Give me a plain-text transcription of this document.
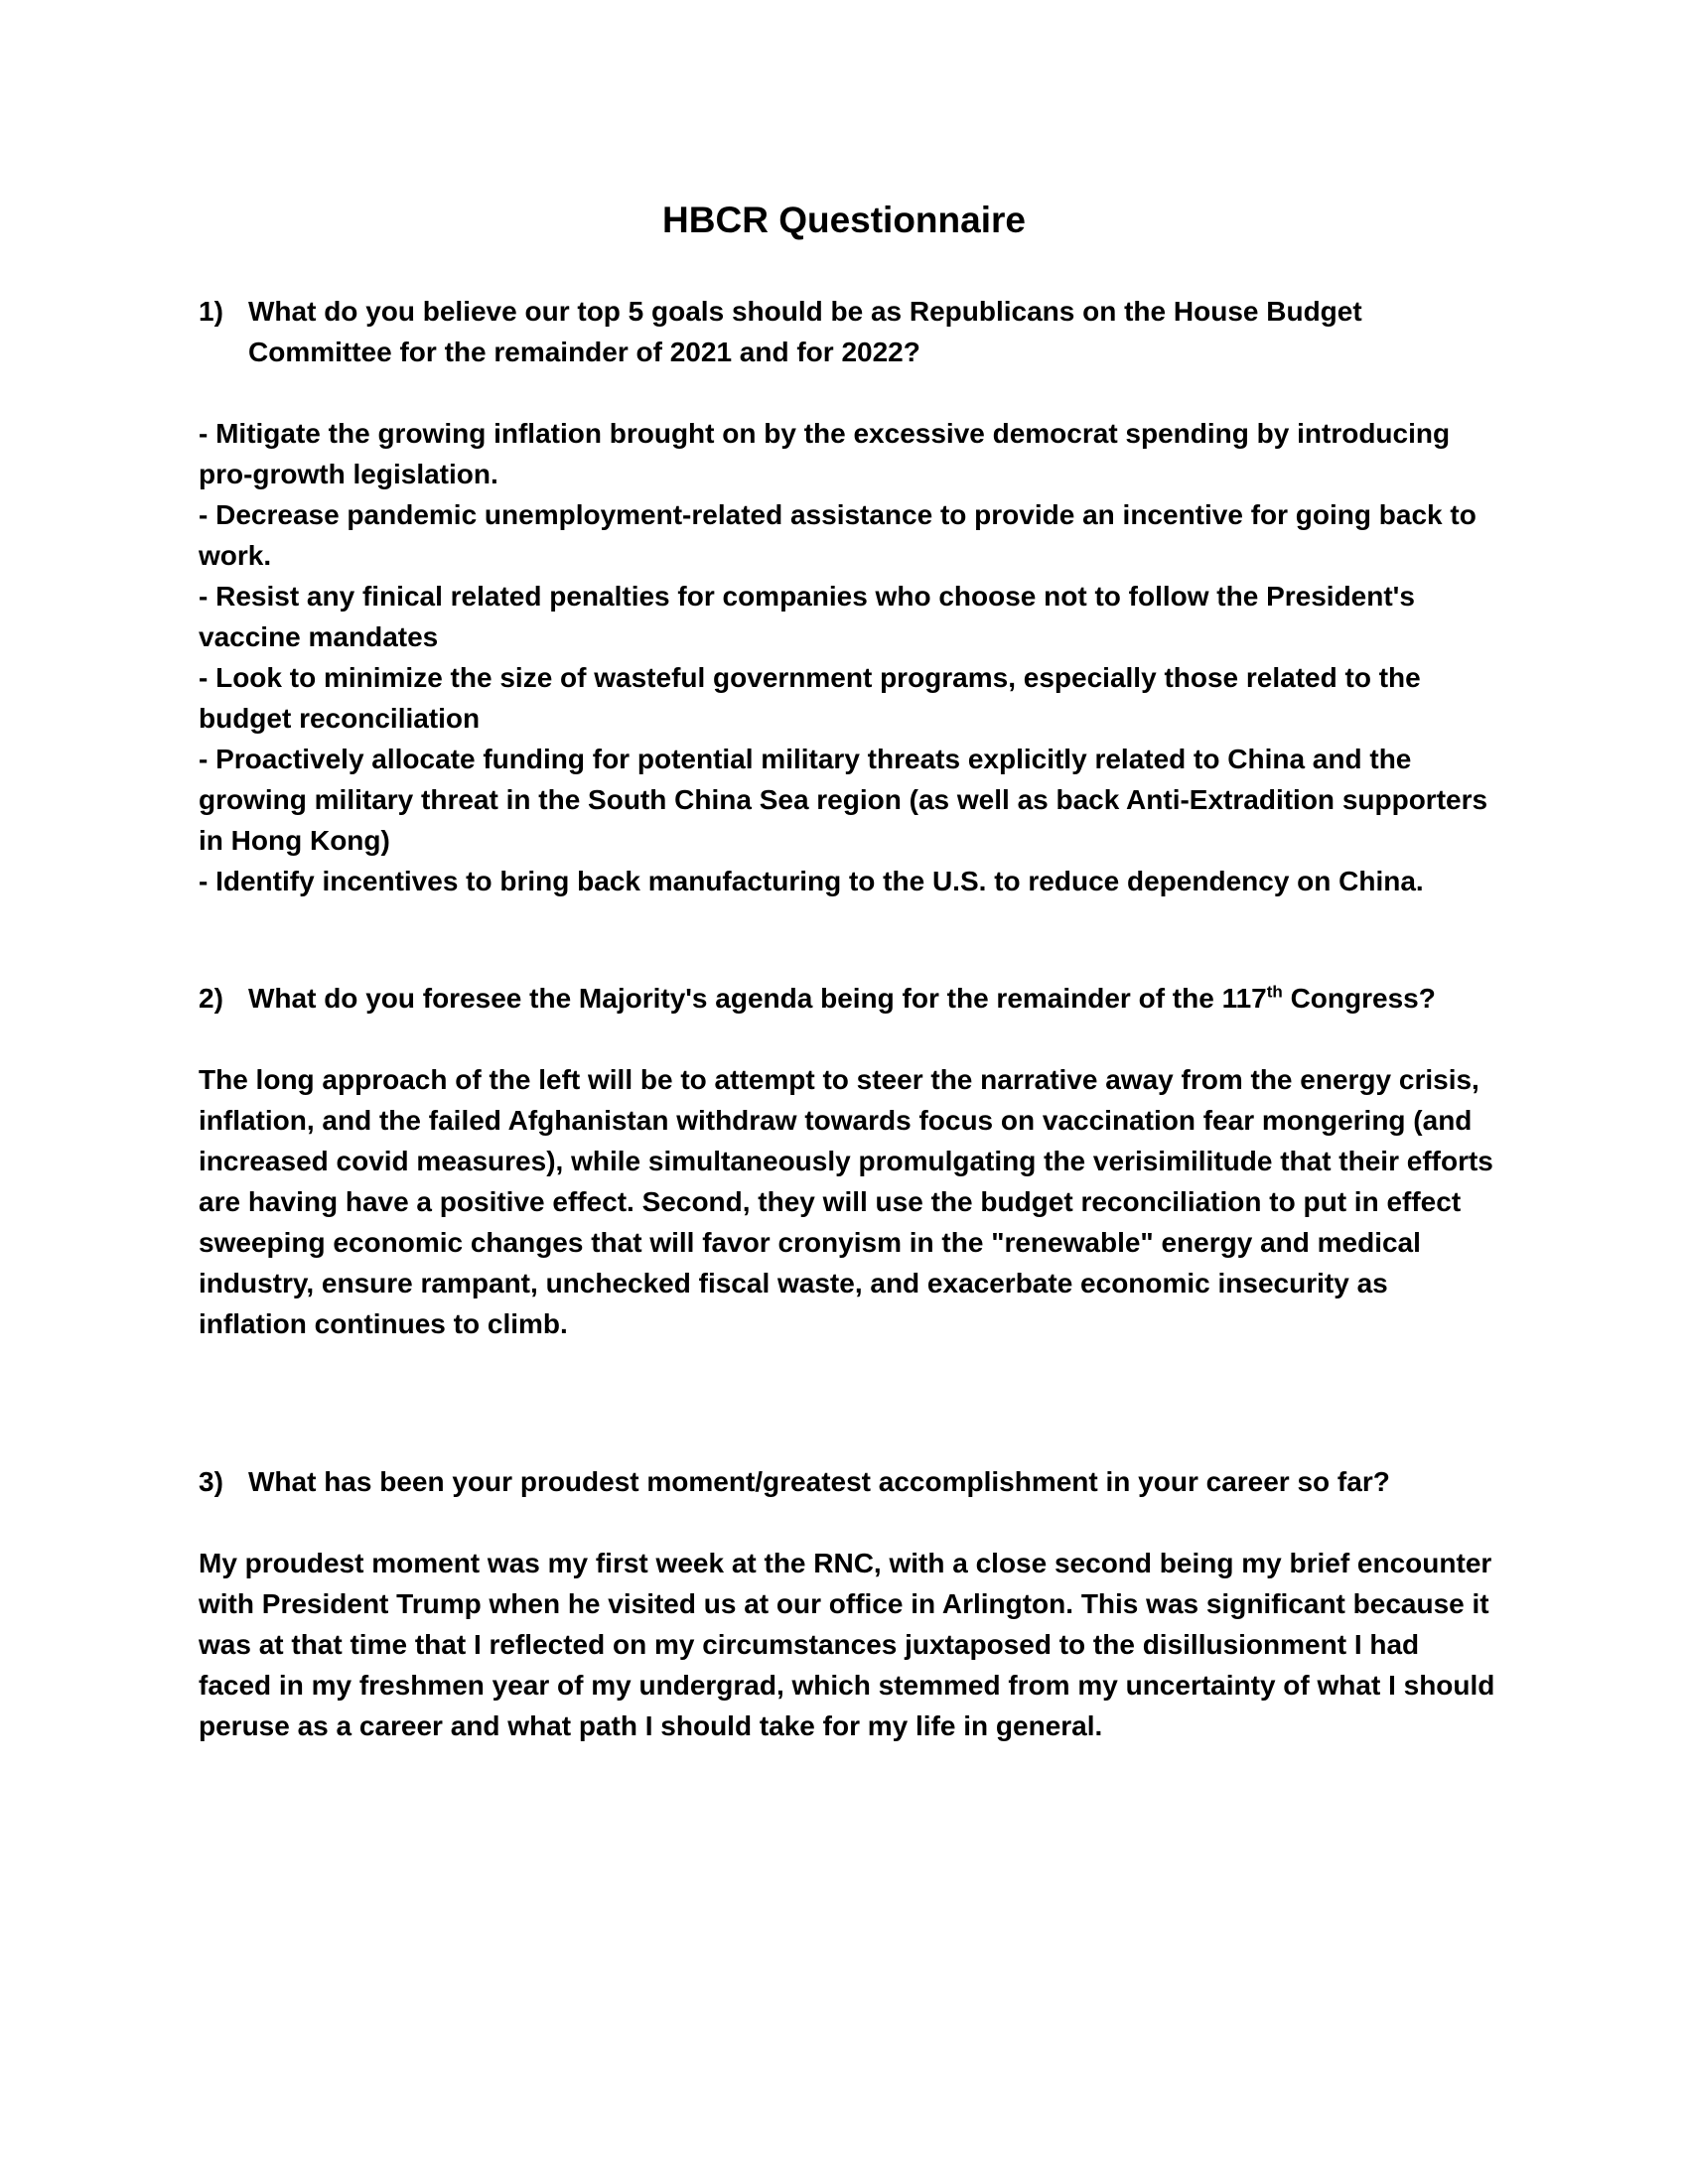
HBCR Questionnaire

1) What do you believe our top 5 goals should be as Republicans on the House Budget Committee for the remainder of 2021 and for 2022?

- Mitigate the growing inflation brought on by the excessive democrat spending by introducing pro-growth legislation.
- Decrease pandemic unemployment-related assistance to provide an incentive for going back to work.
- Resist any finical related penalties for companies who choose not to follow the President's vaccine mandates
- Look to minimize the size of wasteful government programs, especially those related to the budget reconciliation
- Proactively allocate funding for potential military threats explicitly related to China and the growing military threat in the South China Sea region (as well as back Anti-Extradition supporters in Hong Kong)
- Identify incentives to bring back manufacturing to the U.S. to reduce dependency on China.

2) What do you foresee the Majority's agenda being for the remainder of the 117th Congress?

The long approach of the left will be to attempt to steer the narrative away from the energy crisis, inflation, and the failed Afghanistan withdraw towards focus on vaccination fear mongering (and increased covid measures), while simultaneously promulgating the verisimilitude that their efforts are having have a positive effect. Second, they will use the budget reconciliation to put in effect sweeping economic changes that will favor cronyism in the "renewable" energy and medical industry, ensure rampant, unchecked fiscal waste, and exacerbate economic insecurity as inflation continues to climb.

3) What has been your proudest moment/greatest accomplishment in your career so far?

My proudest moment was my first week at the RNC, with a close second being my brief encounter with President Trump when he visited us at our office in Arlington. This was significant because it was at that time that I reflected on my circumstances juxtaposed to the disillusionment I had faced in my freshmen year of my undergrad, which stemmed from my uncertainty of what I should peruse as a career and what path I should take for my life in general.
